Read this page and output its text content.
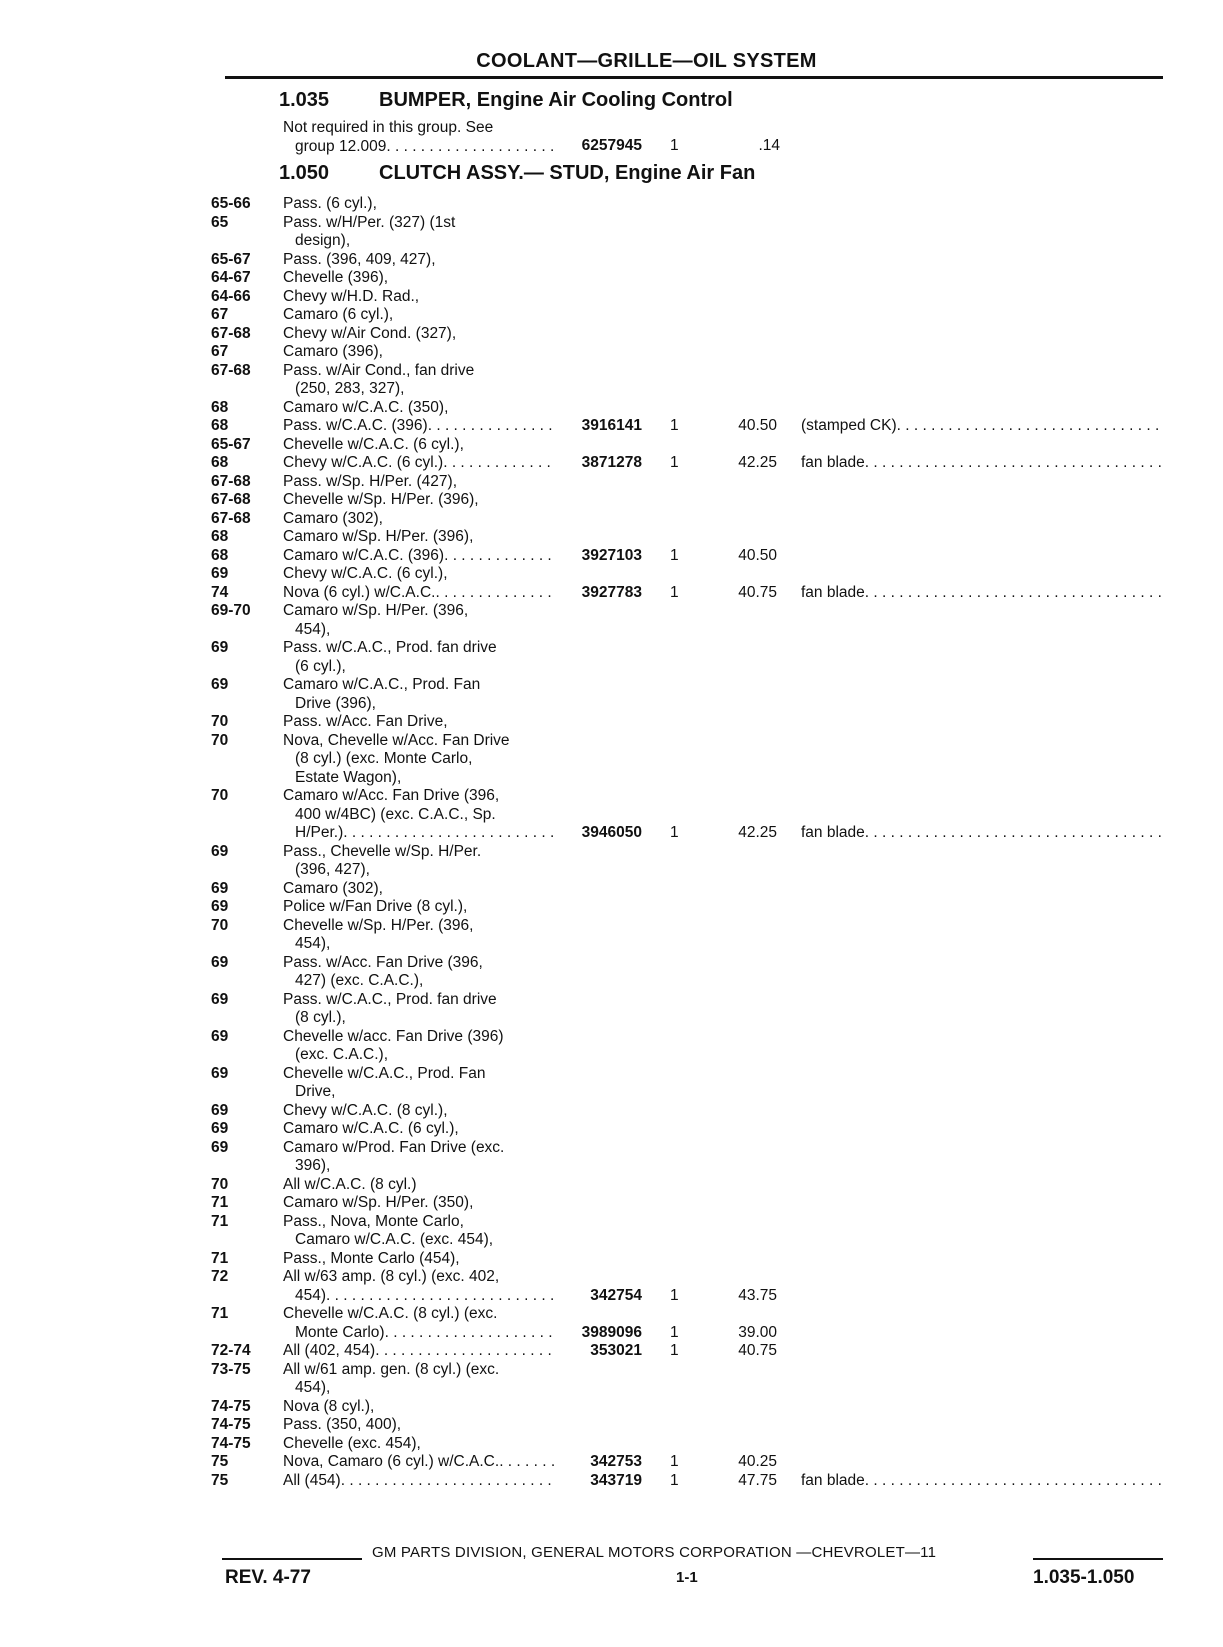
COOLANT—GRILLE—OIL SYSTEM
1.035 BUMPER, Engine Air Cooling Control
Not required in this group. See
group 12.009 . . .	6257945 1	.14
1.050 CLUTCH ASSY.— STUD, Engine Air Fan
65-66	Pass. (6 cyl.),
65	Pass. w/H/Per. (327) (1st
design),
65-67	Pass. (396, 409, 427),
64-67	Chevelle (396),
64-66	Chevy w/H.D. Rad.,
67	Camaro (6 cyl.),
67-68	Chevy w/Air Cond. (327),
67	Camaro (396),
67-68	Pass. w/Air Cond., fan drive
(250, 283, 327),
68	Camaro w/C.A.C. (350),
68	Pass. w/C.A.C. (396) . . .	3916141 1	40.50 (stamped CK)
. . .
65-67	Chevelle w/C.A.C. (6 cyl.),
68	Chevy w/C.A.C. (6 cyl.) . . .	3871278 1	42.25 fan blade
. . .
67-68	Pass. w/Sp. H/Per. (427),
67-68	Chevelle w/Sp. H/Per. (396),
67-68	Camaro (302),
68	Camaro w/Sp. H/Per. (396),
68	Camaro w/C.A.C. (396) . . .	3927103 1	40.50
69	Chevy w/C.A.C. (6 cyl.),
74	Nova (6 cyl.) w/C.A.C. . . .	3927783 1	40.75 fan blade
. . .
69-70	Camaro w/Sp. H/Per. (396,
454),
69	Pass. w/C.A.C., Prod. fan drive
(6 cyl.),
69	Camaro w/C.A.C., Prod. Fan
Drive (396),
70	Pass. w/Acc. Fan Drive,
70	Nova, Chevelle w/Acc. Fan Drive
(8 cyl.) (exc. Monte Carlo,
Estate Wagon),
70	Camaro w/Acc. Fan Drive (396,
400 w/4BC) (exc. C.A.C., Sp.
H/Per.) . . .	3946050 1	42.25 fan blade
. . .
69	Pass., Chevelle w/Sp. H/Per.
(396, 427),
69	Camaro (302),
69	Police w/Fan Drive (8 cyl.),
70	Chevelle w/Sp. H/Per. (396,
454),
69	Pass. w/Acc. Fan Drive (396,
427) (exc. C.A.C.),
69	Pass. w/C.A.C., Prod. fan drive
(8 cyl.),
69	Chevelle w/acc. Fan Drive (396)
(exc. C.A.C.),
69	Chevelle w/C.A.C., Prod. Fan
Drive,
69	Chevy w/C.A.C. (8 cyl.),
69	Camaro w/C.A.C. (6 cyl.),
69	Camaro w/Prod. Fan Drive (exc.
396),
70	All w/C.A.C. (8 cyl.)
71	Camaro w/Sp. H/Per. (350),
71	Pass., Nova, Monte Carlo,
Camaro w/C.A.C. (exc. 454),
71	Pass., Monte Carlo (454),
72	All w/63 amp. (8 cyl.) (exc. 402,
454) . . .	342754 1	43.75
71	Chevelle w/C.A.C. (8 cyl.) (exc.
Monte Carlo) . . .	3989096 1	39.00
72-74	All (402, 454) . . .	353021 1	40.75
73-75	All w/61 amp. gen. (8 cyl.) (exc.
454),
74-75	Nova (8 cyl.),
74-75	Pass. (350, 400),
74-75	Chevelle (exc. 454),
75	Nova, Camaro (6 cyl.) w/C.A.C. . . .	342753 1	40.25
75	All (454) . . .	343719 1	47.75 fan blade
. . .
GM PARTS DIVISION, GENERAL MOTORS CORPORATION —CHEVROLET—11
REV. 4-77	1-1	1.035-1.050
